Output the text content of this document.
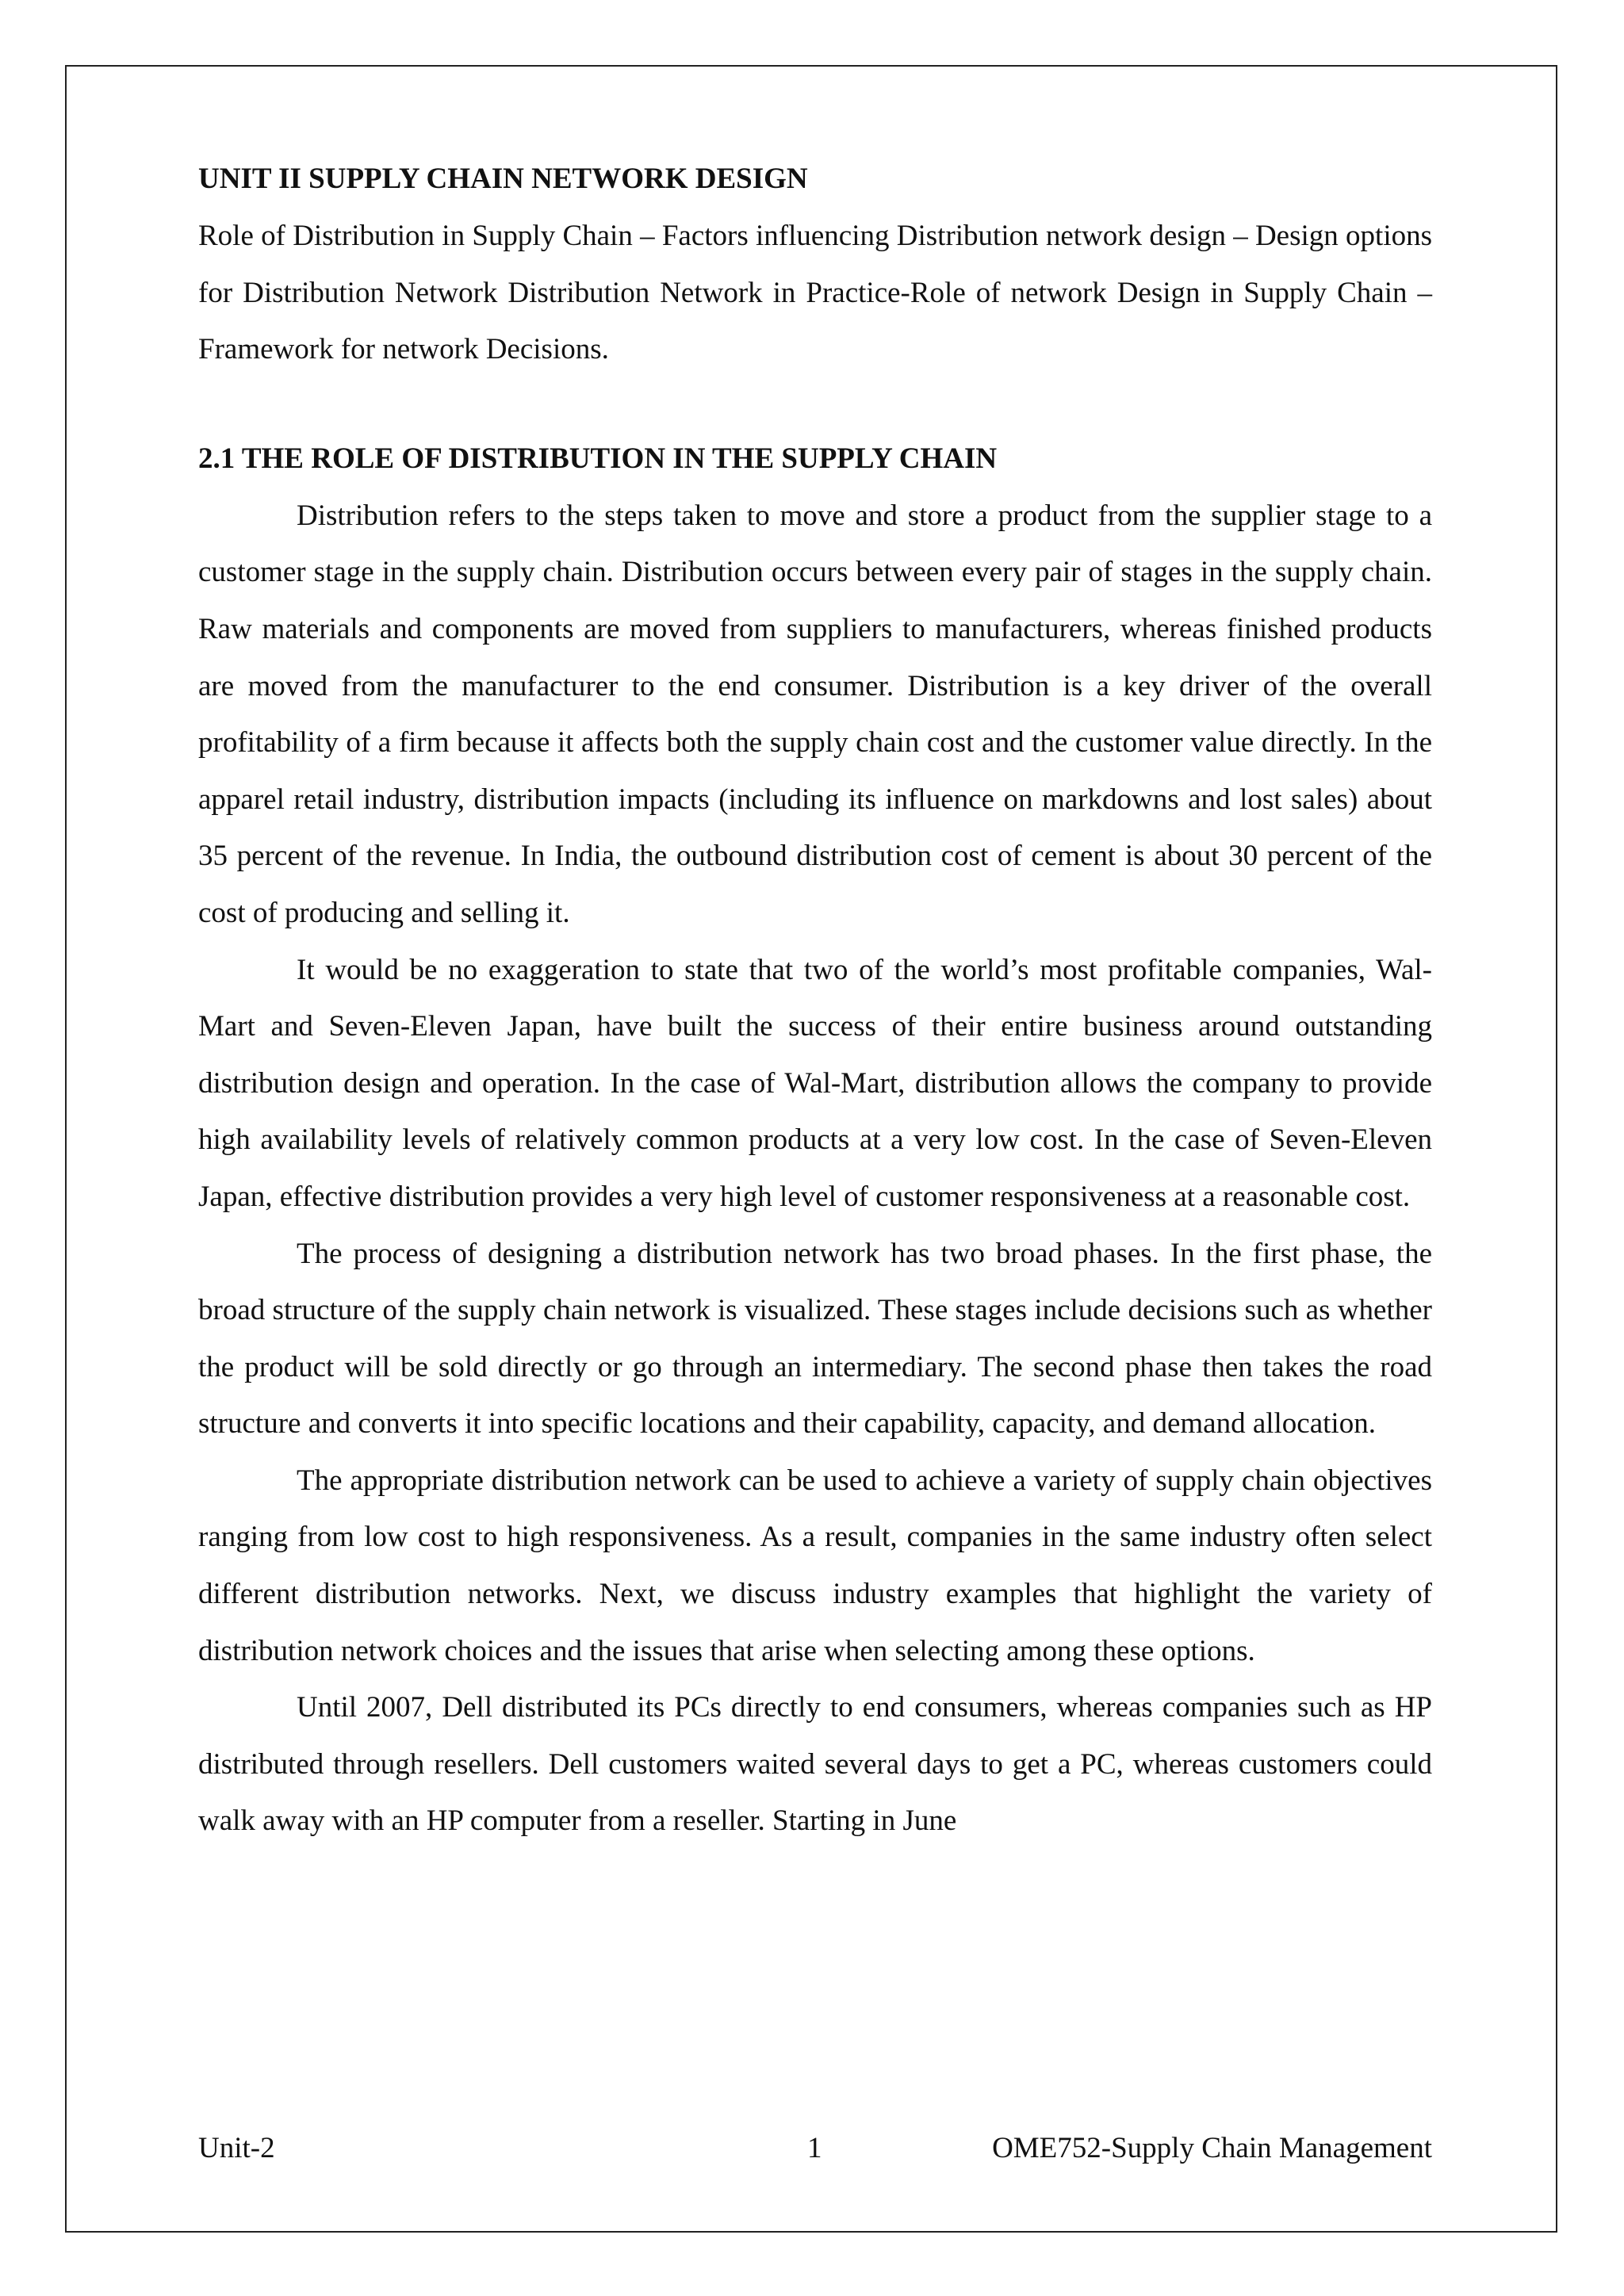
UNIT II SUPPLY CHAIN NETWORK DESIGN

Role of Distribution in Supply Chain – Factors influencing Distribution network design – Design options for Distribution Network Distribution Network in Practice-Role of network Design in Supply Chain – Framework for network Decisions.

2.1 THE ROLE OF DISTRIBUTION IN THE SUPPLY CHAIN

Distribution refers to the steps taken to move and store a product from the supplier stage to a customer stage in the supply chain. Distribution occurs between every pair of stages in the supply chain. Raw materials and components are moved from suppliers to manufacturers, whereas finished products are moved from the manufacturer to the end consumer. Distribution is a key driver of the overall profitability of a firm because it affects both the supply chain cost and the customer value directly. In the apparel retail industry, distribution impacts (including its influence on markdowns and lost sales) about 35 percent of the revenue. In India, the outbound distribution cost of cement is about 30 percent of the cost of producing and selling it.

It would be no exaggeration to state that two of the world’s most profitable companies, Wal-Mart and Seven-Eleven Japan, have built the success of their entire business around outstanding distribution design and operation. In the case of Wal-Mart, distribution allows the company to provide high availability levels of relatively common products at a very low cost. In the case of Seven-Eleven Japan, effective distribution provides a very high level of customer responsiveness at a reasonable cost.

The process of designing a distribution network has two broad phases. In the first phase, the broad structure of the supply chain network is visualized. These stages include decisions such as whether the product will be sold directly or go through an intermediary. The second phase then takes the road structure and converts it into specific locations and their capability, capacity, and demand allocation.

The appropriate distribution network can be used to achieve a variety of supply chain objectives ranging from low cost to high responsiveness. As a result, companies in the same industry often select different distribution networks. Next, we discuss industry examples that highlight the variety of distribution network choices and the issues that arise when selecting among these options.

Until 2007, Dell distributed its PCs directly to end consumers, whereas companies such as HP distributed through resellers. Dell customers waited several days to get a PC, whereas customers could walk away with an HP computer from a reseller. Starting in June

Unit-2	1	OME752-Supply Chain Management
